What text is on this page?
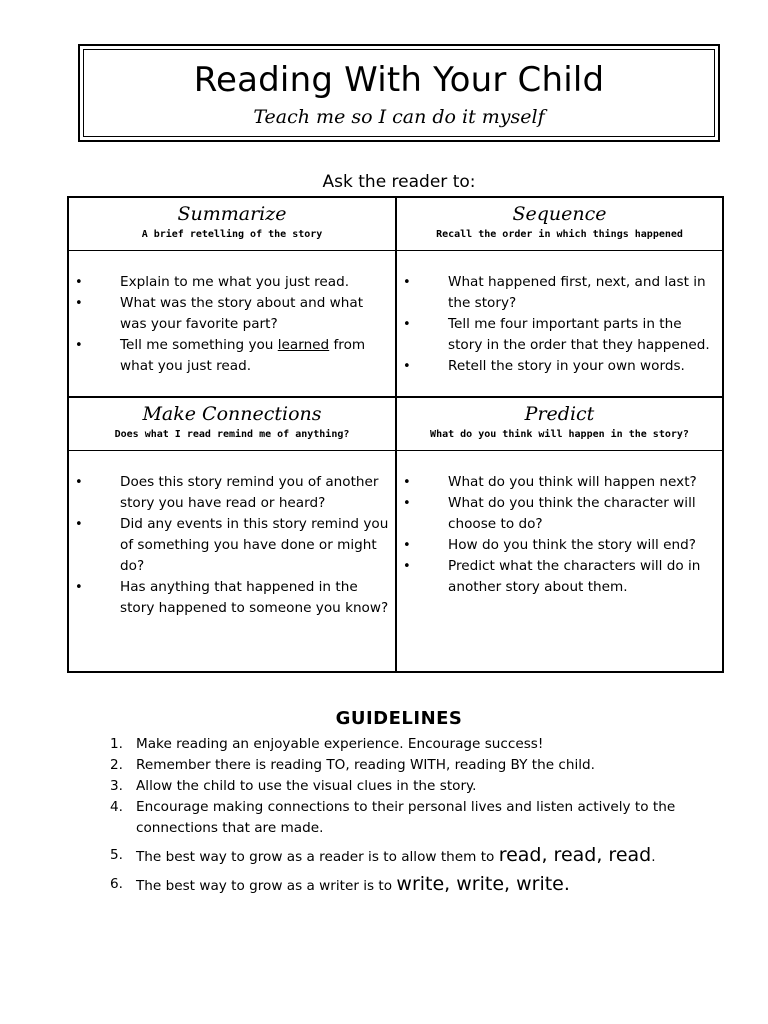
Reading With Your Child
Teach me so I can do it myself
Ask the reader to:
Summarize
A brief retelling of the story
•	Explain to me what you just read.
•	What was the story about and what was your favorite part?
•	Tell me something you learned from what you just read.
Sequence
Recall the order in which things happened
•	What happened first, next, and last in the story?
•	Tell me four important parts in the story in the order that they happened.
•	Retell the story in your own words.
Make Connections
Does what I read remind me of anything?
•	Does this story remind you of another story you have read or heard?
•	Did any events in this story remind you of something you have done or might do?
•	Has anything that happened in the story happened to someone you know?
Predict
What do you think will happen in the story?
•	What do you think will happen next?
•	What do you think the character will choose to do?
•	How do you think the story will end?
•	Predict what the characters will do in another story about them.
GUIDELINES
1. Make reading an enjoyable experience. Encourage success!
2. Remember there is reading TO, reading WITH, reading BY the child.
3. Allow the child to use the visual clues in the story.
4. Encourage making connections to their personal lives and listen actively to the connections that are made.
5. The best way to grow as a reader is to allow them to read, read, read.
6. The best way to grow as a writer is to write, write, write.
